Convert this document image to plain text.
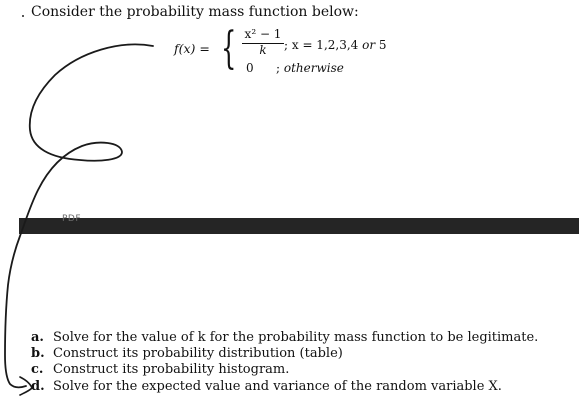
Consider the probability mass function below:
f(x) = { x² − 1
k	; x = 1,2,3,4 or 5
0 ; otherwise
PDF
a. Solve for the value of k for the probability mass function to be legitimate.
b. Construct its probability distribution (table)
c. Construct its probability histogram.
d. Solve for the expected value and variance of the random variable X.
